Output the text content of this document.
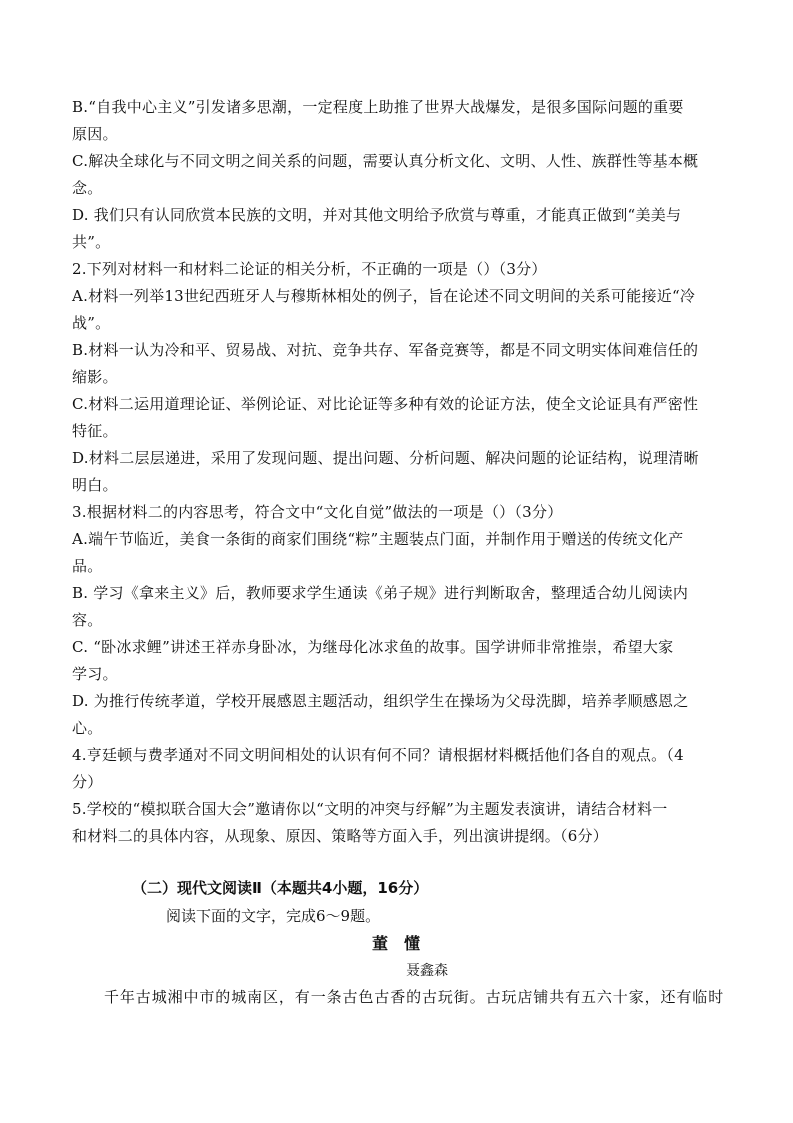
B.“自我中心主义”引发诸多思潮，一定程度上助推了世界大战爆发，是很多国际问题的重要
原因。
C.解决全球化与不同文明之间关系的问题，需要认真分析文化、文明、人性、族群性等基本概
念。
D. 我们只有认同欣赏本民族的文明，并对其他文明给予欣赏与尊重，才能真正做到“美美与
共”。
2.下列对材料一和材料二论证的相关分析，不正确的一项是（）（3分）
A.材料一列举13世纪西班牙人与穆斯林相处的例子，旨在论述不同文明间的关系可能接近“冷
战”。
B.材料一认为冷和平、贸易战、对抗、竞争共存、军备竞赛等，都是不同文明实体间难信任的
缩影。
C.材料二运用道理论证、举例论证、对比论证等多种有效的论证方法，使全文论证具有严密性
特征。
D.材料二层层递进，采用了发现问题、提出问题、分析问题、解决问题的论证结构，说理清晰
明白。
3.根据材料二的内容思考，符合文中“文化自觉”做法的一项是（）（3分）
A.端午节临近，美食一条街的商家们围绕“粽”主题装点门面，并制作用于赠送的传统文化产
品。
B. 学习《拿来主义》后，教师要求学生通读《弟子规》进行判断取舍，整理适合幼儿阅读内
容。
C. “卧冰求鲤”讲述王祥赤身卧冰，为继母化冰求鱼的故事。国学讲师非常推崇，希望大家
学习。
D. 为推行传统孝道，学校开展感恩主题活动，组织学生在操场为父母洗脚，培养孝顺感恩之
心。
4.亨廷顿与费孝通对不同文明间相处的认识有何不同？请根据材料概括他们各自的观点。（4
分）
5.学校的“模拟联合国大会”邀请你以“文明的冲突与纾解”为主题发表演讲，请结合材料一
和材料二的具体内容，从现象、原因、策略等方面入手，列出演讲提纲。（6分）
（二）现代文阅读Ⅱ（本题共4小题，16分）
阅读下面的文字，完成6～9题。
董懂
聂鑫森
千年古城湘中市的城南区，有一条古色古香的古玩街。古玩店铺共有五六十家，还有临时
